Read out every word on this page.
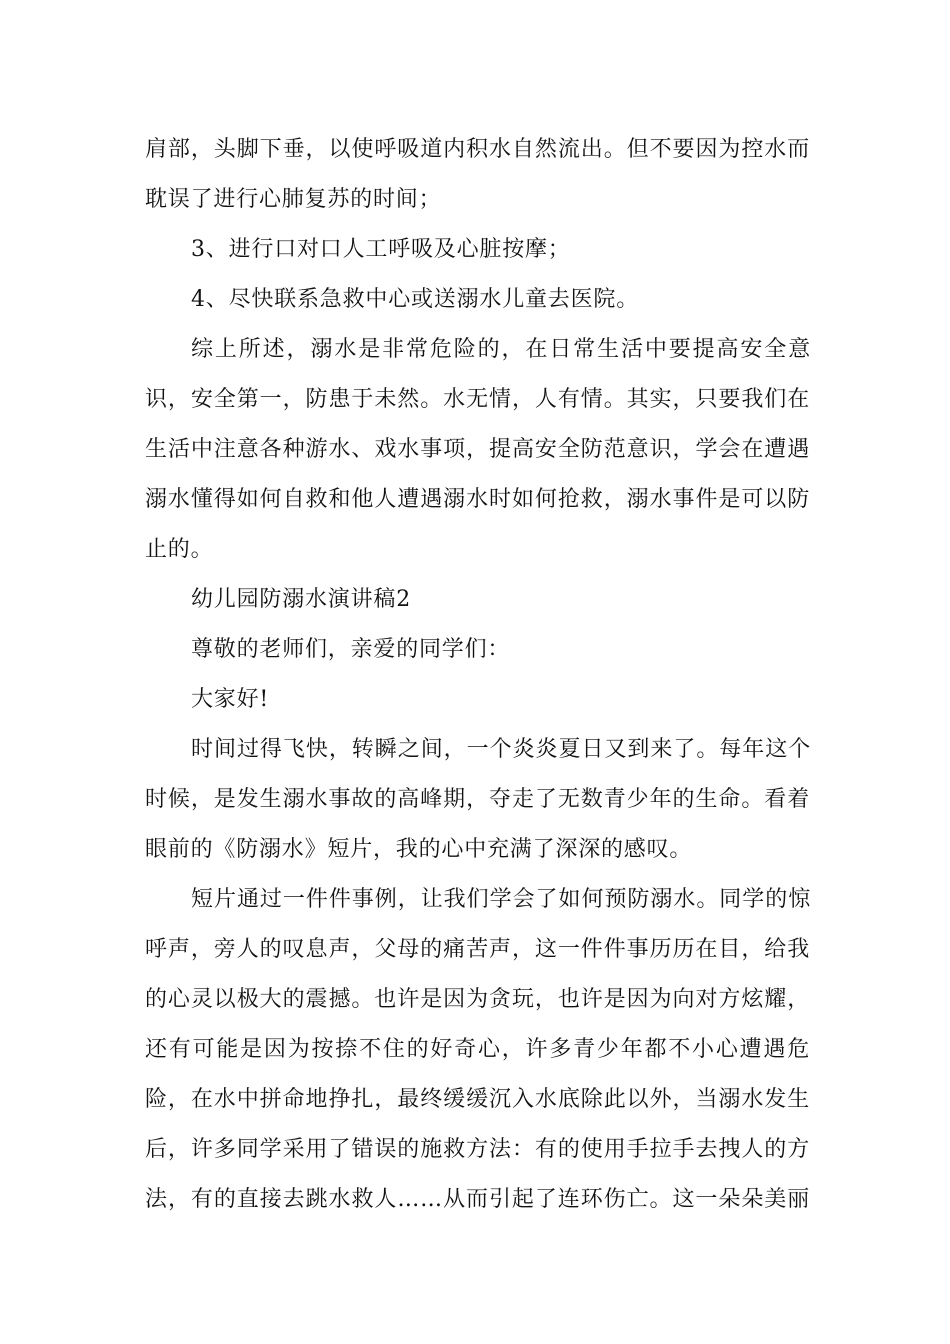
肩部，头脚下垂，以使呼吸道内积水自然流出。但不要因为控水而
耽误了进行心肺复苏的时间；
3、进行口对口人工呼吸及心脏按摩；
4、尽快联系急救中心或送溺水儿童去医院。
综上所述，溺水是非常危险的，在日常生活中要提高安全意
识，安全第一，防患于未然。水无情，人有情。其实，只要我们在
生活中注意各种游水、戏水事项，提高安全防范意识，学会在遭遇
溺水懂得如何自救和他人遭遇溺水时如何抢救，溺水事件是可以防
止的。
幼儿园防溺水演讲稿2
尊敬的老师们，亲爱的同学们：
大家好!
时间过得飞快，转瞬之间，一个炎炎夏日又到来了。每年这个
时候，是发生溺水事故的高峰期，夺走了无数青少年的生命。看着
眼前的《防溺水》短片，我的心中充满了深深的感叹。
短片通过一件件事例，让我们学会了如何预防溺水。同学的惊
呼声，旁人的叹息声，父母的痛苦声，这一件件事历历在目，给我
的心灵以极大的震撼。也许是因为贪玩，也许是因为向对方炫耀，
还有可能是因为按捺不住的好奇心，许多青少年都不小心遭遇危
险，在水中拼命地挣扎，最终缓缓沉入水底除此以外，当溺水发生
后，许多同学采用了错误的施救方法：有的使用手拉手去拽人的方
法，有的直接去跳水救人……从而引起了连环伤亡。这一朵朵美丽
